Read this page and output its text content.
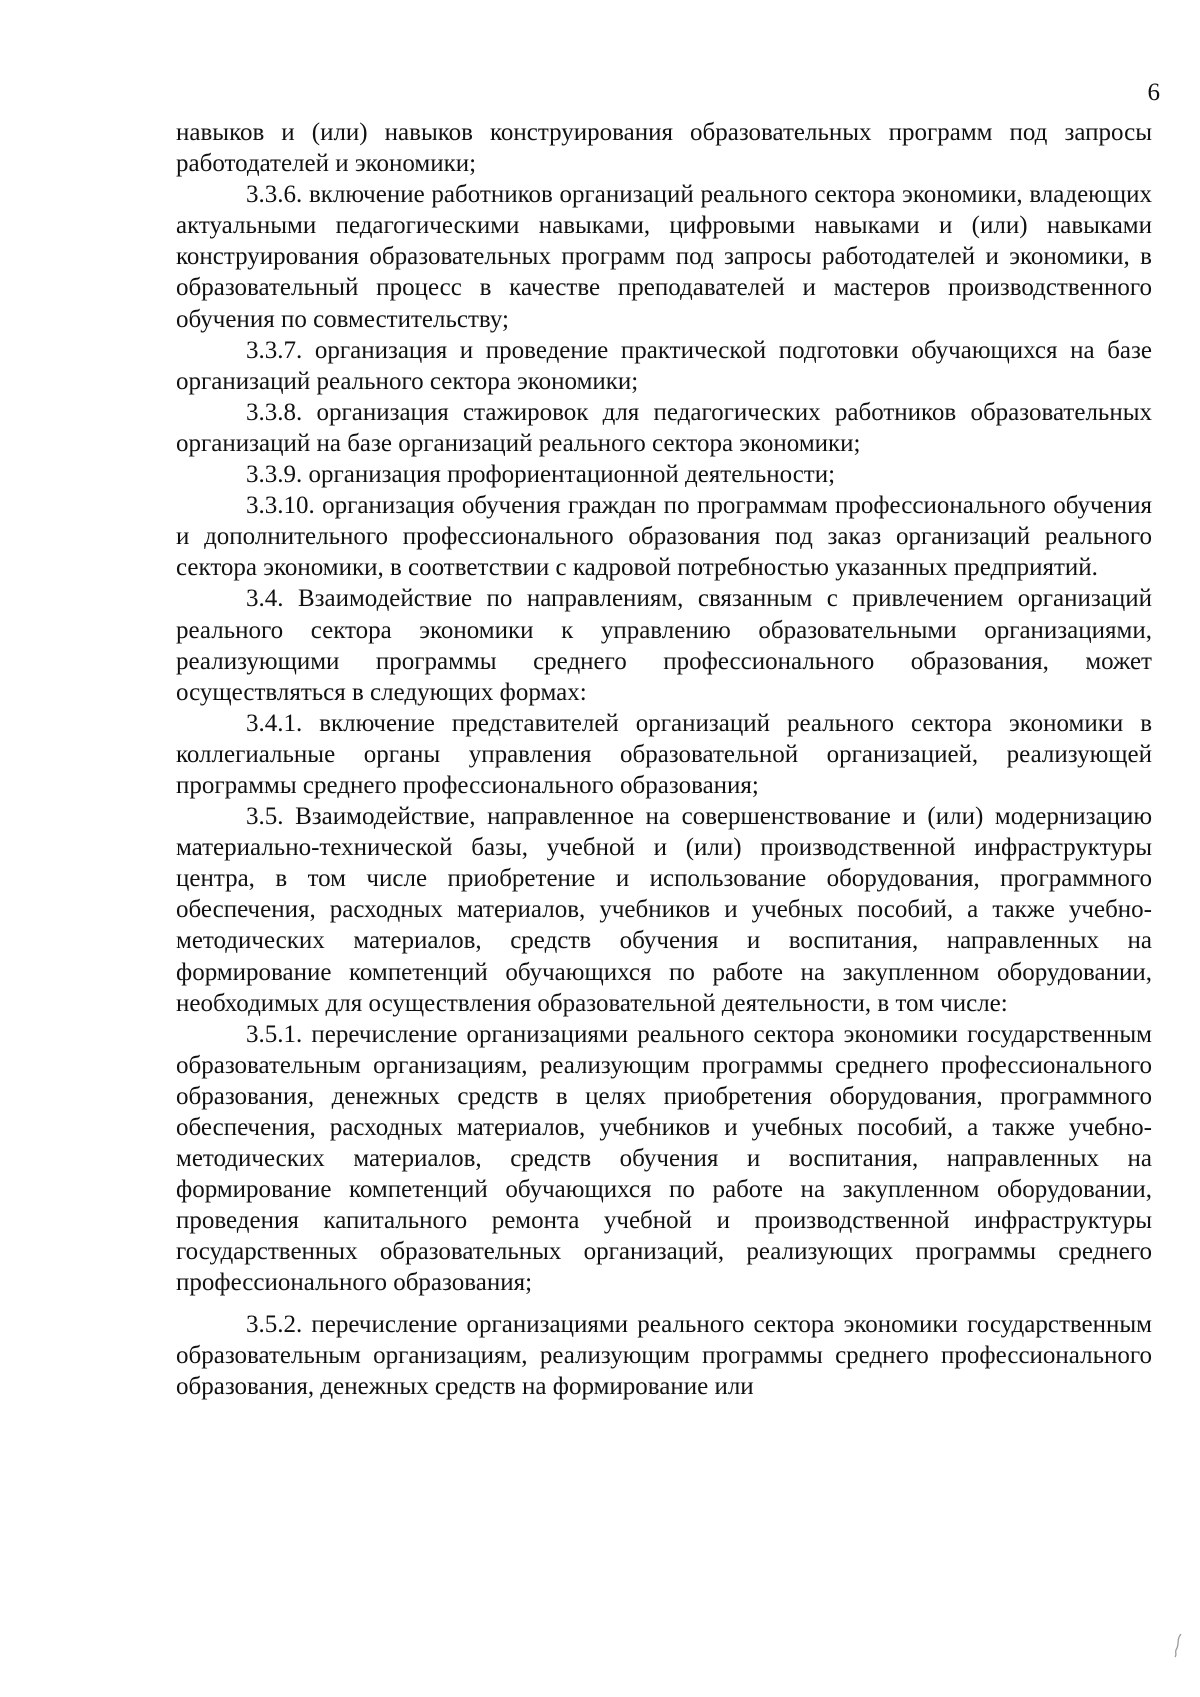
6

навыков и (или) навыков конструирования образовательных программ под запросы работодателей и экономики;

3.3.6. включение работников организаций реального сектора экономики, владеющих актуальными педагогическими навыками, цифровыми навыками и (или) навыками конструирования образовательных программ под запросы работодателей и экономики, в образовательный процесс в качестве преподавателей и мастеров производственного обучения по совместительству;

3.3.7. организация и проведение практической подготовки обучающихся на базе организаций реального сектора экономики;

3.3.8. организация стажировок для педагогических работников образовательных организаций на базе организаций реального сектора экономики;

3.3.9. организация профориентационной деятельности;

3.3.10. организация обучения граждан по программам профессионального обучения и дополнительного профессионального образования под заказ организаций реального сектора экономики, в соответствии с кадровой потребностью указанных предприятий.

3.4. Взаимодействие по направлениям, связанным с привлечением организаций реального сектора экономики к управлению образовательными организациями, реализующими программы среднего профессионального образования, может осуществляться в следующих формах:

3.4.1. включение представителей организаций реального сектора экономики в коллегиальные органы управления образовательной организацией, реализующей программы среднего профессионального образования;

3.5. Взаимодействие, направленное на совершенствование и (или) модернизацию материально-технической базы, учебной и (или) производственной инфраструктуры центра, в том числе приобретение и использование оборудования, программного обеспечения, расходных материалов, учебников и учебных пособий, а также учебно-методических материалов, средств обучения и воспитания, направленных на формирование компетенций обучающихся по работе на закупленном оборудовании, необходимых для осуществления образовательной деятельности, в том числе:

3.5.1. перечисление организациями реального сектора экономики государственным образовательным организациям, реализующим программы среднего профессионального образования, денежных средств в целях приобретения оборудования, программного обеспечения, расходных материалов, учебников и учебных пособий, а также учебно-методических материалов, средств обучения и воспитания, направленных на формирование компетенций обучающихся по работе на закупленном оборудовании, проведения капитального ремонта учебной и производственной инфраструктуры государственных образовательных организаций, реализующих программы среднего профессионального образования;

3.5.2. перечисление организациями реального сектора экономики государственным образовательным организациям, реализующим программы среднего профессионального образования, денежных средств на формирование или
